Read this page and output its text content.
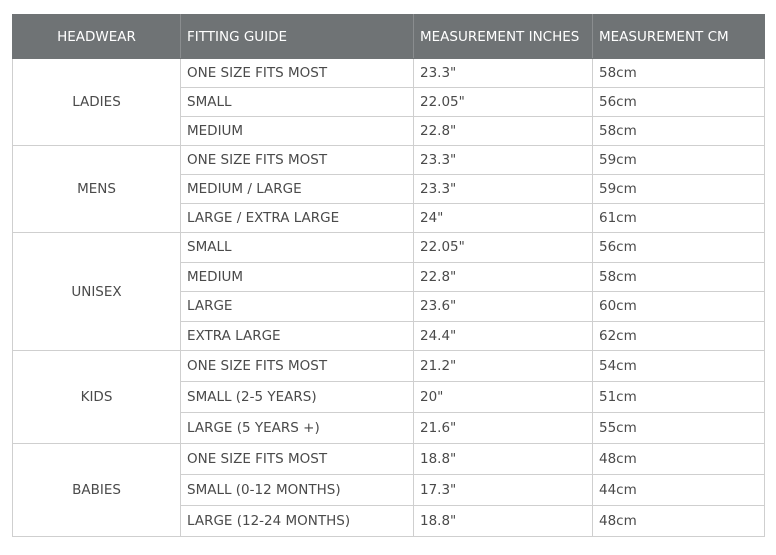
HEADWEAR	FITTING GUIDE	MEASUREMENT INCHES	MEASUREMENT CM
LADIES	ONE SIZE FITS MOST	23.3"	58cm
	SMALL	22.05"	56cm
	MEDIUM	22.8"	58cm
MENS	ONE SIZE FITS MOST	23.3"	59cm
	MEDIUM / LARGE	23.3"	59cm
	LARGE / EXTRA LARGE	24"	61cm
UNISEX	SMALL	22.05"	56cm
	MEDIUM	22.8"	58cm
	LARGE	23.6"	60cm
	EXTRA LARGE	24.4"	62cm
KIDS	ONE SIZE FITS MOST	21.2"	54cm
	SMALL (2-5 YEARS)	20"	51cm
	LARGE (5 YEARS +)	21.6"	55cm
BABIES	ONE SIZE FITS MOST	18.8"	48cm
	SMALL (0-12 MONTHS)	17.3"	44cm
	LARGE (12-24 MONTHS)	18.8"	48cm
